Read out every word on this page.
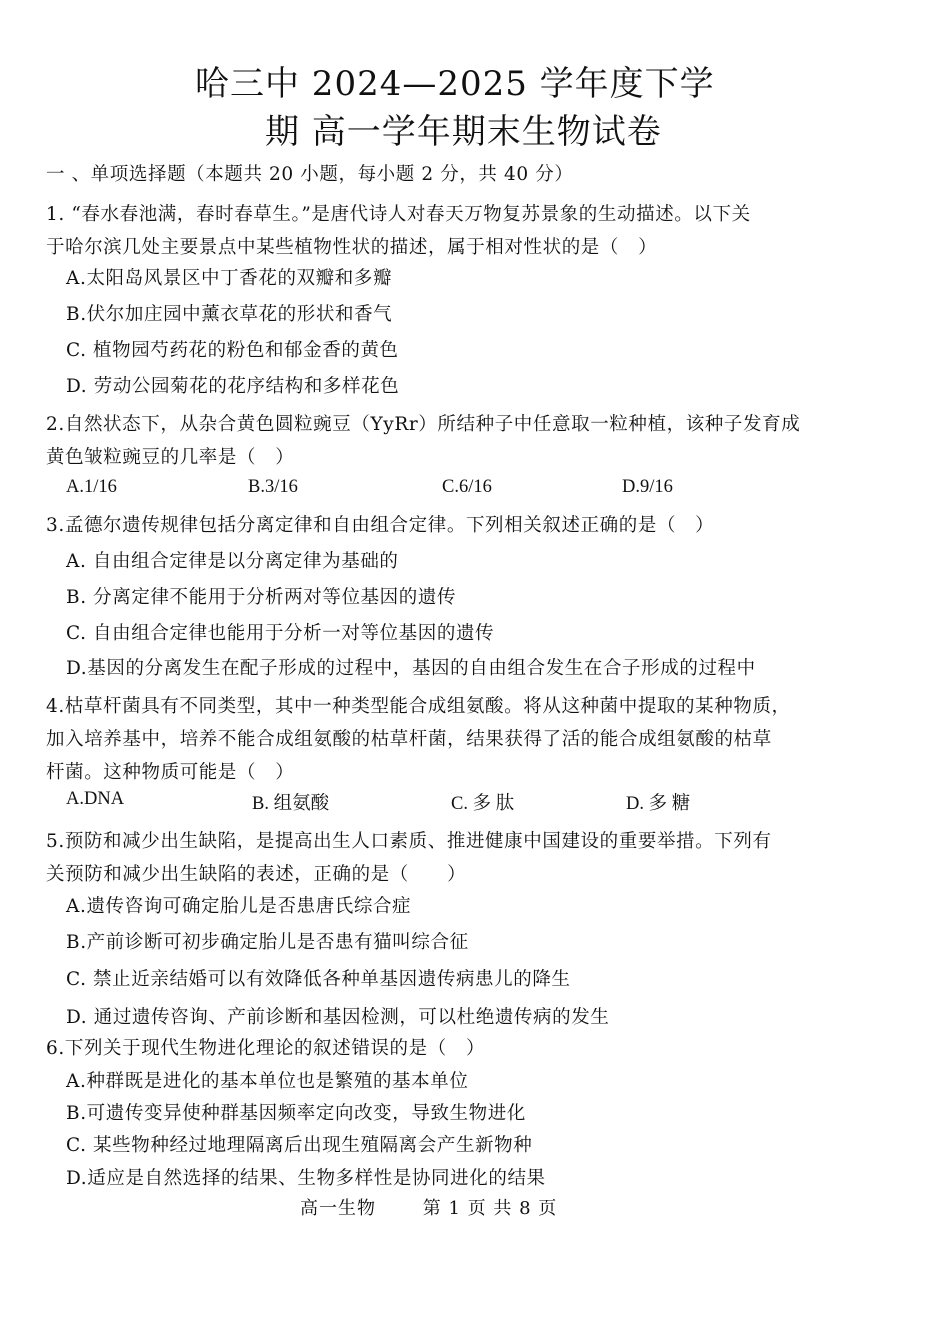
哈三中 2024—2025 学年度下学
期 高一学年期末生物试卷
一 、单项选择题（本题共 20 小题，每小题 2 分，共 40 分）
1. “春水春池满，春时春草生。”是唐代诗人对春天万物复苏景象的生动描述。以下关
于哈尔滨几处主要景点中某些植物性状的描述，属于相对性状的是（　）
A.太阳岛风景区中丁香花的双瓣和多瓣
B.伏尔加庄园中薰衣草花的形状和香气
C. 植物园芍药花的粉色和郁金香的黄色
D. 劳动公园菊花的花序结构和多样花色
2.自然状态下，从杂合黄色圆粒豌豆（YyRr）所结种子中任意取一粒种植，该种子发育成
黄色皱粒豌豆的几率是（　）
A.1/16	B.3/16	C.6/16	D.9/16
3.孟德尔遗传规律包括分离定律和自由组合定律。下列相关叙述正确的是（　）
A. 自由组合定律是以分离定律为基础的
B. 分离定律不能用于分析两对等位基因的遗传
C. 自由组合定律也能用于分析一对等位基因的遗传
D.基因的分离发生在配子形成的过程中，基因的自由组合发生在合子形成的过程中
4.枯草杆菌具有不同类型，其中一种类型能合成组氨酸。将从这种菌中提取的某种物质，
加入培养基中，培养不能合成组氨酸的枯草杆菌，结果获得了活的能合成组氨酸的枯草
杆菌。这种物质可能是（　）
A.DNA	B. 组氨酸	C. 多 肽	D. 多 糖
5.预防和减少出生缺陷，是提高出生人口素质、推进健康中国建设的重要举措。下列有
关预防和减少出生缺陷的表述，正确的是（　　）
A.遗传咨询可确定胎儿是否患唐氏综合症
B.产前诊断可初步确定胎儿是否患有猫叫综合征
C. 禁止近亲结婚可以有效降低各种单基因遗传病患儿的降生
D. 通过遗传咨询、产前诊断和基因检测，可以杜绝遗传病的发生
6.下列关于现代生物进化理论的叙述错误的是（　）
A.种群既是进化的基本单位也是繁殖的基本单位
B.可遗传变异使种群基因频率定向改变，导致生物进化
C. 某些物种经过地理隔离后出现生殖隔离会产生新物种
D.适应是自然选择的结果、生物多样性是协同进化的结果
高一生物	第 1 页 共 8 页
